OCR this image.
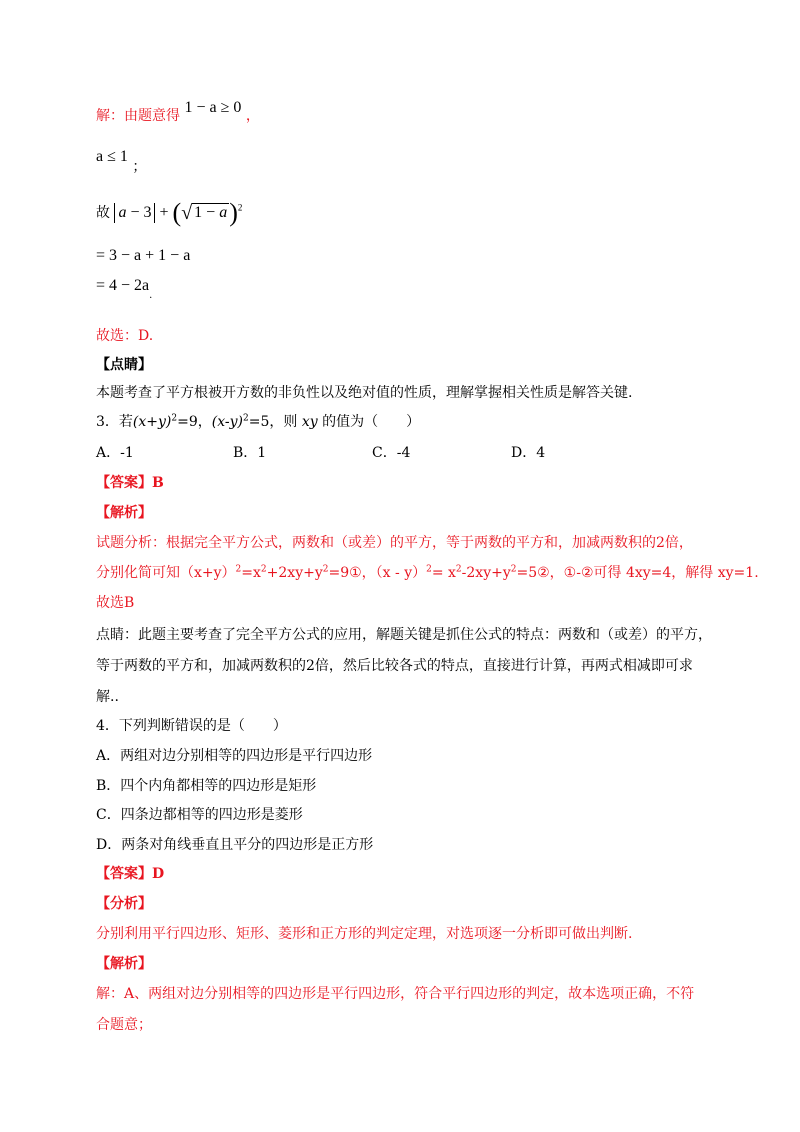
解：由题意得 1 − a ≥ 0 ，
a ≤ 1 ；
故 a − 3 + (√ 1 − a)$^2$
= 3 − a + 1 − a
= $4 - 2a_.$
故选：D.
【点睛】
本题考查了平方根被开方数的非负性以及绝对值的性质，理解掌握相关性质是解答关键.
3．若$(x+y)^2=9$，$(x-y)^2=5$，则 xy 的值为（　　）
A．-1	B．1	C．-4	D．4
【答案】B
【解析】
试题分析：根据完全平方公式，两数和（或差）的平方，等于两数的平方和，加减两数积的2倍，
分别化简可知$(x+y)^2=x^2+2xy+y^2=9①$，$(x - y)^2= x^2-2xy+y^2=5②$，①-②可得 4xy=4，解得 xy=1.
故选B
点睛：此题主要考查了完全平方公式的应用，解题关键是抓住公式的特点：两数和（或差）的平方，
等于两数的平方和，加减两数积的2倍，然后比较各式的特点，直接进行计算，再两式相减即可求
解..
4．下列判断错误的是（　　）
A．两组对边分别相等的四边形是平行四边形
B．四个内角都相等的四边形是矩形
C．四条边都相等的四边形是菱形
D．两条对角线垂直且平分的四边形是正方形
【答案】D
【分析】
分别利用平行四边形、矩形、菱形和正方形的判定定理，对选项逐一分析即可做出判断.
【解析】
解：A、两组对边分别相等的四边形是平行四边形，符合平行四边形的判定，故本选项正确，不符
合题意；
